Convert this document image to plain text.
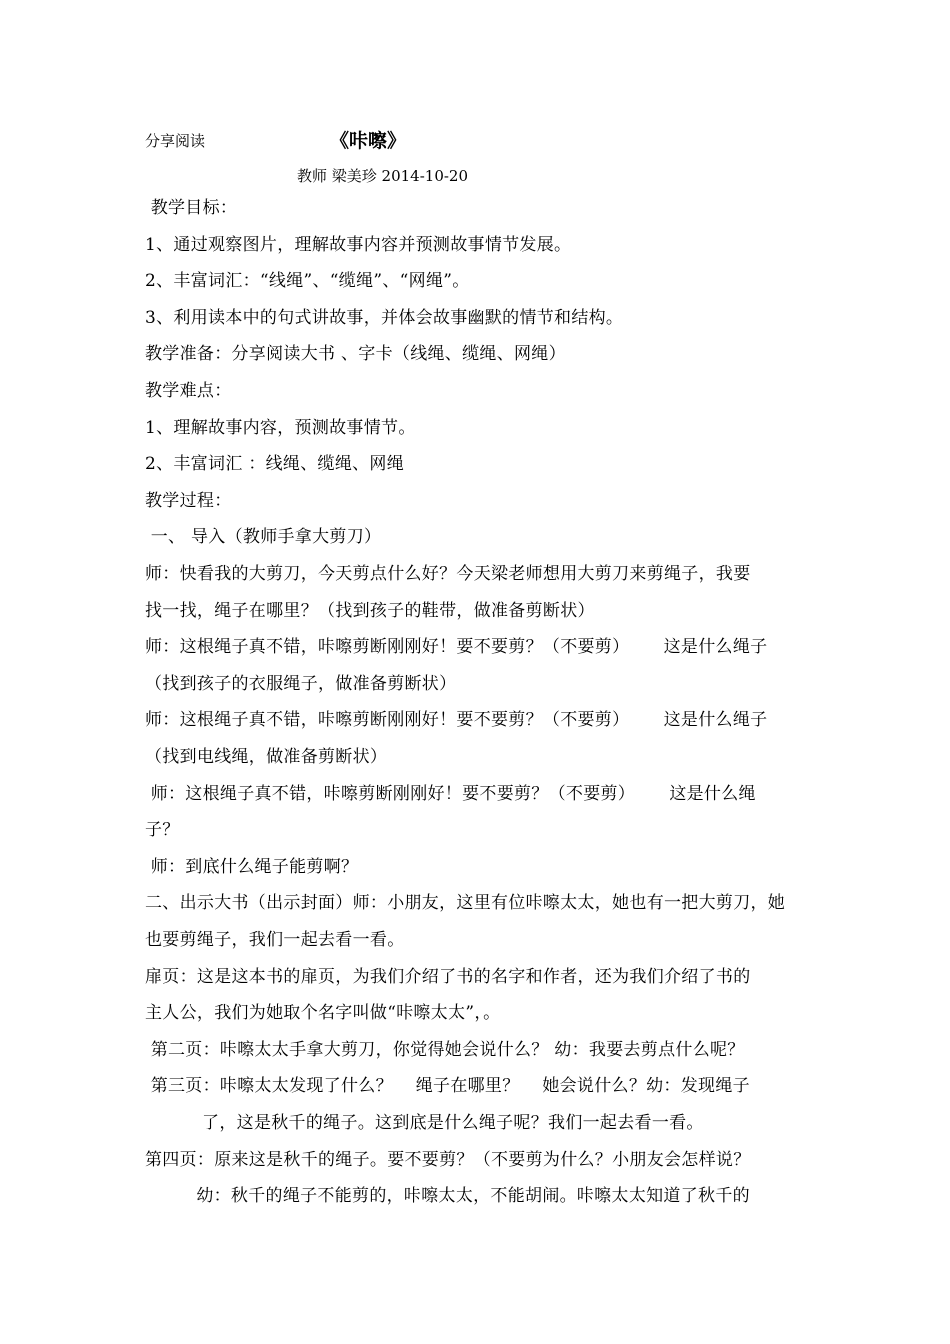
分享阅读	《咔嚓》
教师 梁美珍 2014-10-20
教学目标：
1、通过观察图片，理解故事内容并预测故事情节发展。
2、丰富词汇：“线绳”、“缆绳”、“网绳”。
3、利用读本中的句式讲故事，并体会故事幽默的情节和结构。
教学准备：分享阅读大书 、字卡（线绳、缆绳、网绳）
教学难点：
1、理解故事内容，预测故事情节。
2、丰富词汇 ：线绳、缆绳、网绳
教学过程：
一、 导入（教师手拿大剪刀）
师：快看我的大剪刀，今天剪点什么好？今天梁老师想用大剪刀来剪绳子，我要
找一找，绳子在哪里？（找到孩子的鞋带，做准备剪断状）
师：这根绳子真不错，咔嚓剪断刚刚好！要不要剪？（不要剪）      这是什么绳子
（找到孩子的衣服绳子，做准备剪断状）
师：这根绳子真不错，咔嚓剪断刚刚好！要不要剪？（不要剪）      这是什么绳子
（找到电线绳，做准备剪断状）
师：这根绳子真不错，咔嚓剪断刚刚好！要不要剪？（不要剪）      这是什么绳
子？
师：到底什么绳子能剪啊？
二、出示大书（出示封面）师：小朋友，这里有位咔嚓太太，她也有一把大剪刀，她
也要剪绳子，我们一起去看一看。
扉页：这是这本书的扉页，为我们介绍了书的名字和作者，还为我们介绍了书的
主人公，我们为她取个名字叫做“咔嚓太太”，。
第二页：咔嚓太太手拿大剪刀，你觉得她会说什么？ 幼：我要去剪点什么呢？
第三页：咔嚓太太发现了什么？    绳子在哪里？    她会说什么？幼：发现绳子
了，这是秋千的绳子。这到底是什么绳子呢？我们一起去看一看。
第四页：原来这是秋千的绳子。要不要剪？（不要剪为什么？小朋友会怎样说？
幼：秋千的绳子不能剪的，咔嚓太太，不能胡闹。咔嚓太太知道了秋千的
